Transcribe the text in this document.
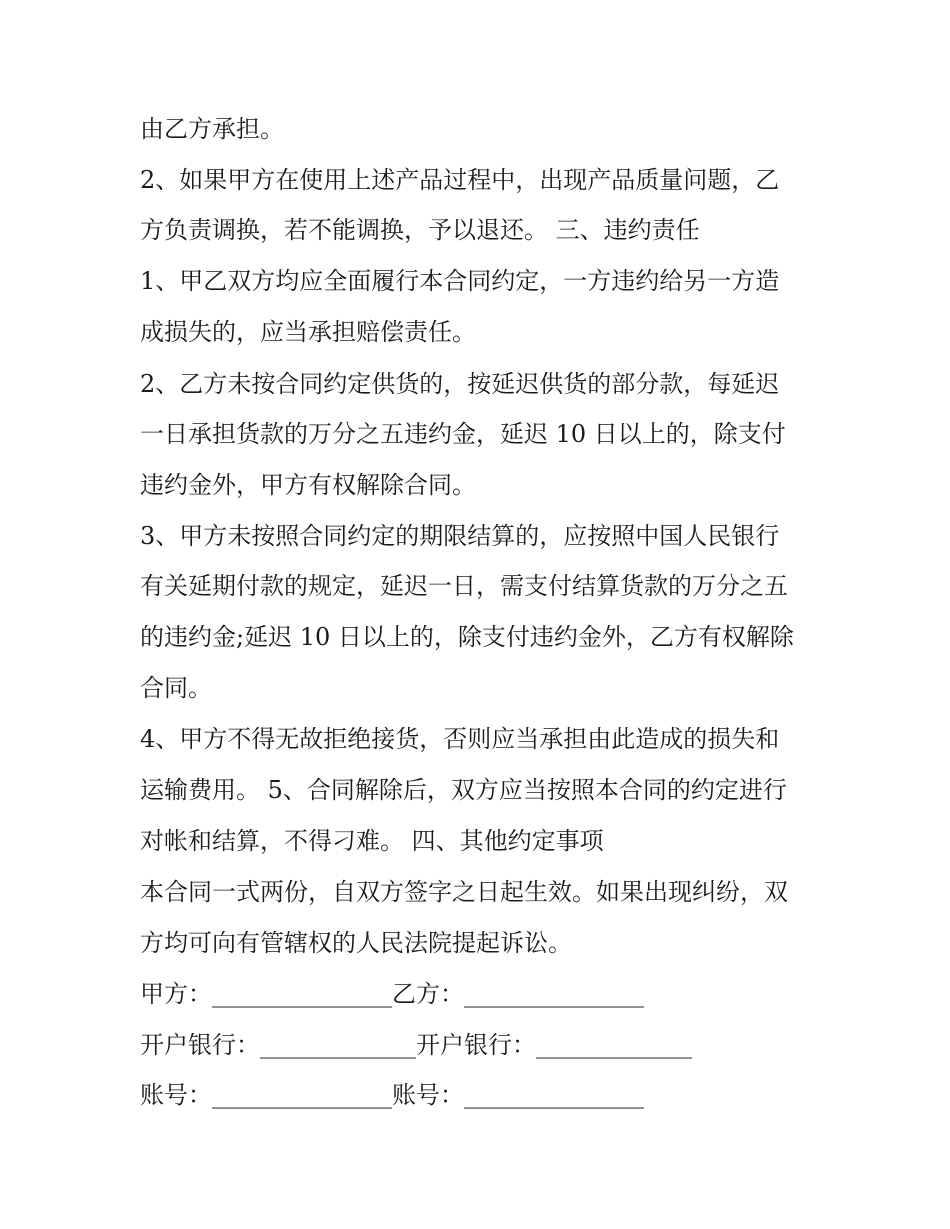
由乙方承担。

2、如果甲方在使用上述产品过程中，出现产品质量问题，乙

方负责调换，若不能调换，予以退还。 三、违约责任

1、甲乙双方均应全面履行本合同约定，一方违约给另一方造

成损失的，应当承担赔偿责任。

2、乙方未按合同约定供货的，按延迟供货的部分款，每延迟

一日承担货款的万分之五违约金，延迟 10 日以上的，除支付

违约金外，甲方有权解除合同。

3、甲方未按照合同约定的期限结算的，应按照中国人民银行

有关延期付款的规定，延迟一日，需支付结算货款的万分之五

的违约金;延迟 10 日以上的，除支付违约金外，乙方有权解除

合同。

4、甲方不得无故拒绝接货，否则应当承担由此造成的损失和

运输费用。 5、合同解除后，双方应当按照本合同的约定进行

对帐和结算，不得刁难。 四、其他约定事项

本合同一式两份，自双方签字之日起生效。如果出现纠纷，双

方均可向有管辖权的人民法院提起诉讼。

甲方：_______________乙方：_______________

开户银行：_____________开户银行：_____________

账号：_______________账号：_______________
